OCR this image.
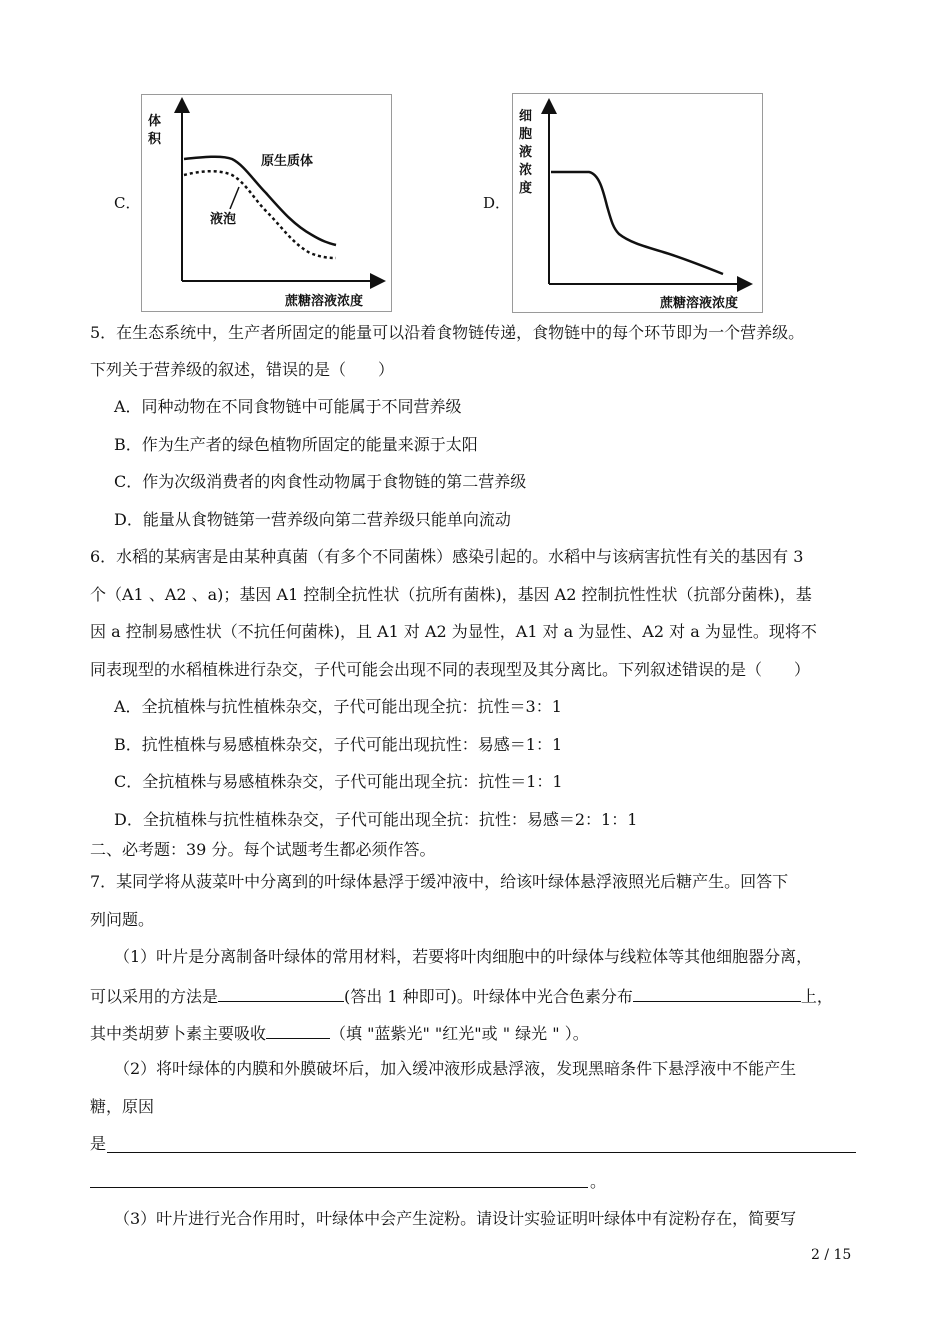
C．
体
积
蔗糖溶液浓度
原生质体
液泡
D．
细
胞
液
浓
度
蔗糖溶液浓度
5．在生态系统中，生产者所固定的能量可以沿着食物链传递，食物链中的每个环节即为一个营养级。
下列关于营养级的叙述，错误的是（　　）
A．同种动物在不同食物链中可能属于不同营养级
B．作为生产者的绿色植物所固定的能量来源于太阳
C．作为次级消费者的肉食性动物属于食物链的第二营养级
D．能量从食物链第一营养级向第二营养级只能单向流动
6．水稻的某病害是由某种真菌（有多个不同菌株）感染引起的。水稻中与该病害抗性有关的基因有 3
个（A1 、A2 、a)；基因 A1 控制全抗性状（抗所有菌株)，基因 A2 控制抗性性状（抗部分菌株)，基
因 a 控制易感性状（不抗任何菌株)，且 A1 对 A2 为显性，A1 对 a 为显性、A2 对 a 为显性。现将不
同表现型的水稻植株进行杂交，子代可能会出现不同的表现型及其分离比。下列叙述错误的是（　　）
A．全抗植株与抗性植株杂交，子代可能出现全抗：抗性＝3：1
B．抗性植株与易感植株杂交，子代可能出现抗性：易感＝1：1
C．全抗植株与易感植株杂交，子代可能出现全抗：抗性＝1：1
D．全抗植株与抗性植株杂交，子代可能出现全抗：抗性：易感＝2：1：1
二、必考题：39 分。每个试题考生都必须作答。
7．某同学将从菠菜叶中分离到的叶绿体悬浮于缓冲液中，给该叶绿体悬浮液照光后糖产生。回答下
列问题。
（1）叶片是分离制备叶绿体的常用材料，若要将叶肉细胞中的叶绿体与线粒体等其他细胞器分离，
可以采用的方法是	(答出 1 种即可)。叶绿体中光合色素分布	上，
其中类胡萝卜素主要吸收	（填 "蓝紫光" "红光"或 " 绿光 " ）。
（2）将叶绿体的内膜和外膜破坏后，加入缓冲液形成悬浮液，发现黑暗条件下悬浮液中不能产生
糖，原因
是
。
（3）叶片进行光合作用时，叶绿体中会产生淀粉。请设计实验证明叶绿体中有淀粉存在，简要写
2 / 15
